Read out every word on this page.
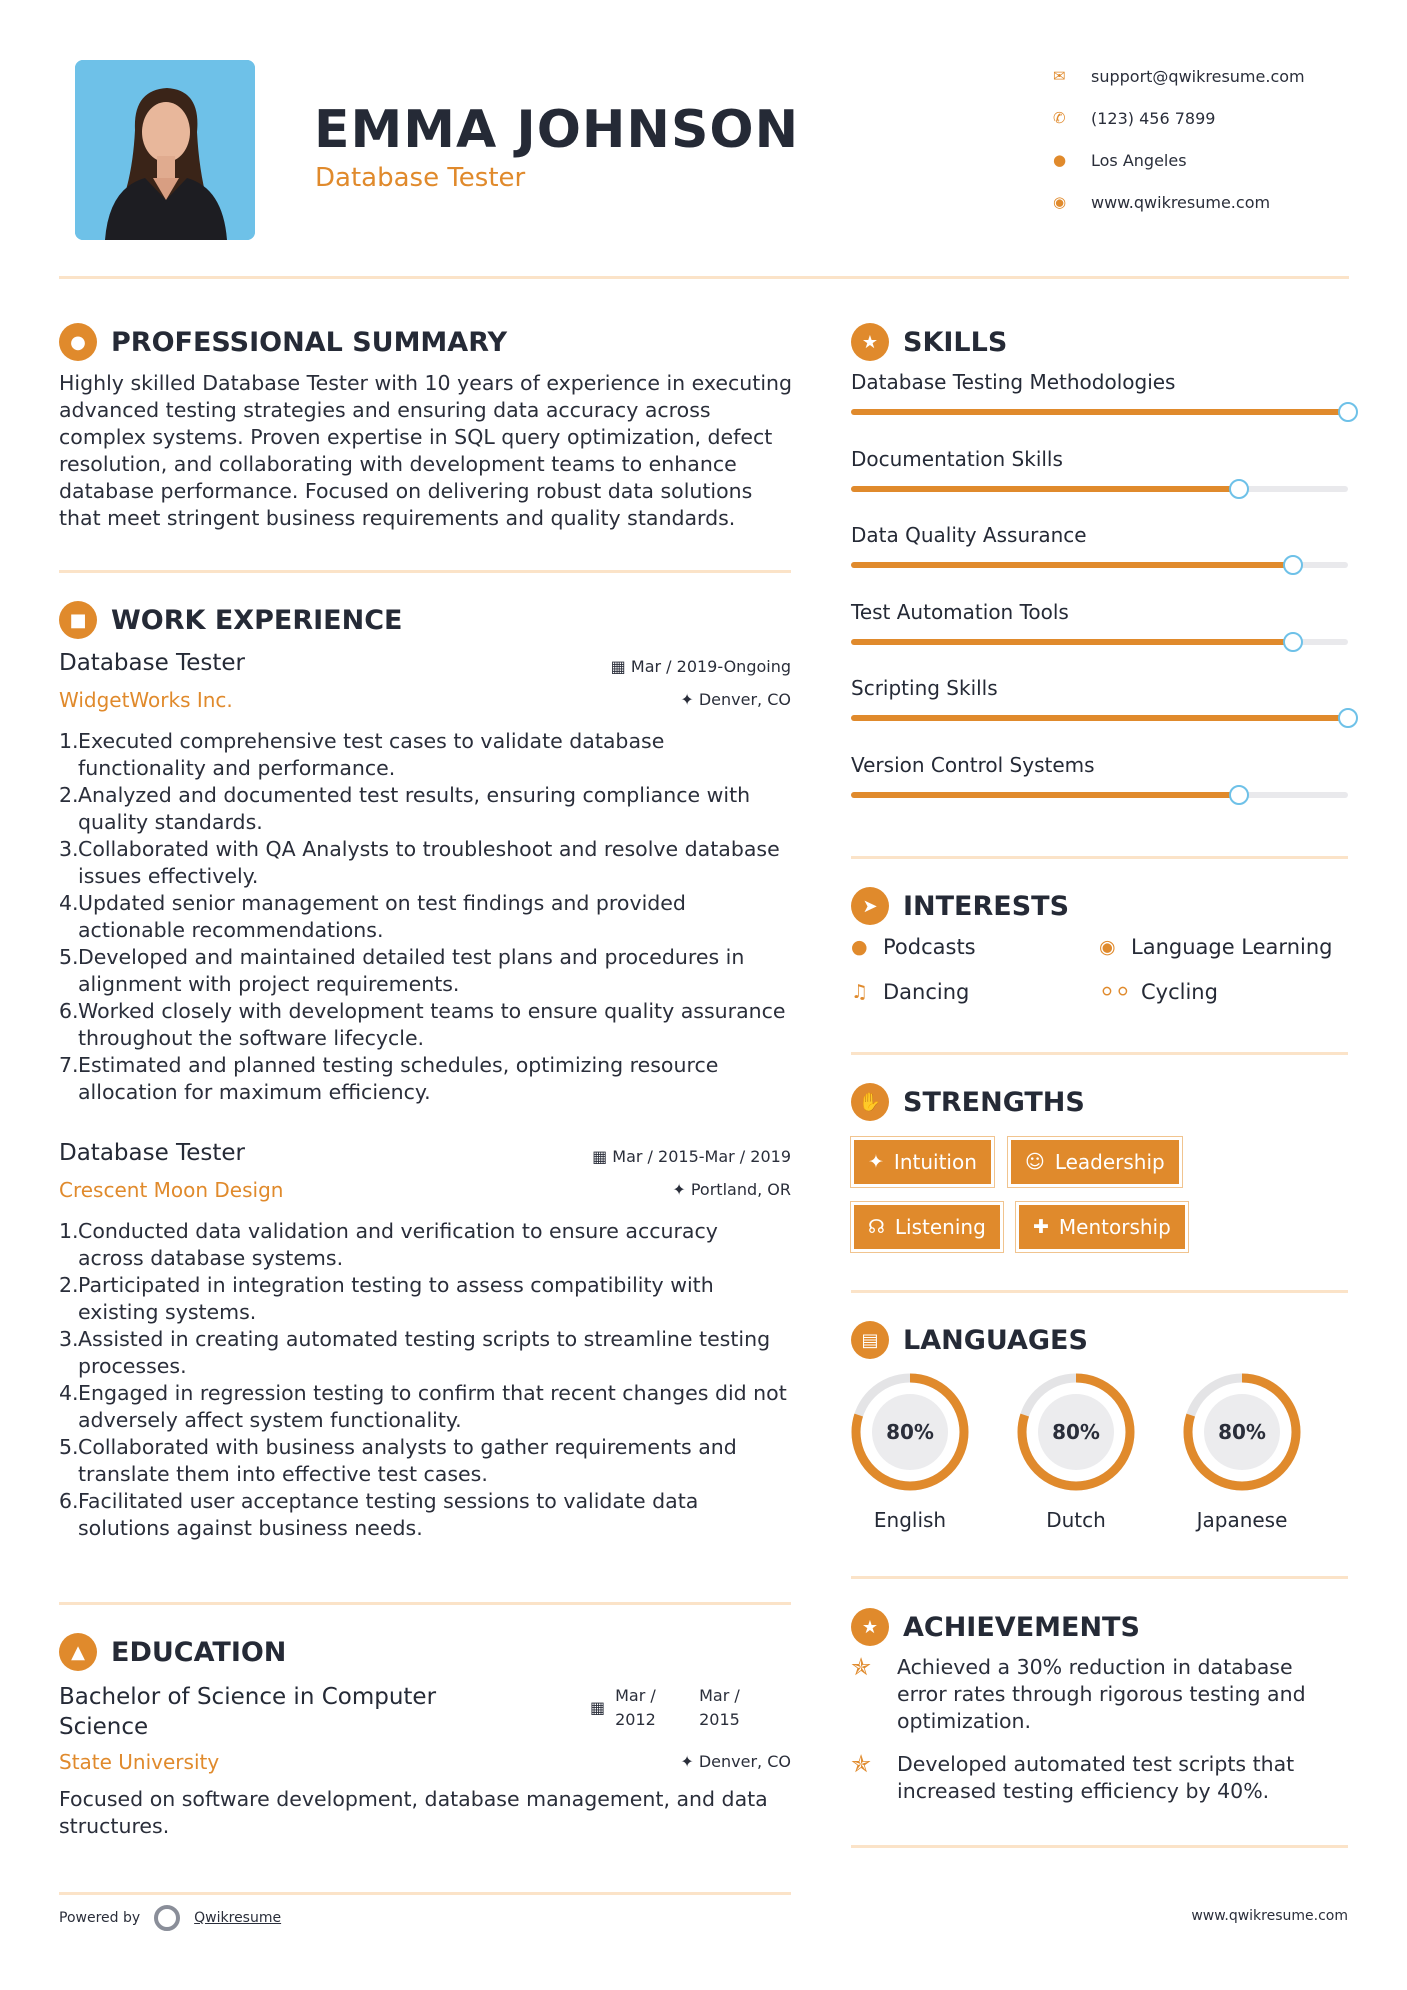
EMMA JOHNSON
Database Tester
✉	support@qwikresume.com
✆	(123) 456 7899
●	Los Angeles
◉	www.qwikresume.com
● PROFESSIONAL SUMMARY
Highly skilled Database Tester with 10 years of experience in executing advanced testing strategies and ensuring data accuracy across complex systems. Proven expertise in SQL query optimization, defect resolution, and collaborating with development teams to enhance database performance. Focused on delivering robust data solutions that meet stringent business requirements and quality standards.
■ WORK EXPERIENCE
Database Tester
WidgetWorks Inc.
▦ Mar / 2019-Ongoing
✦ Denver, CO
1. Executed comprehensive test cases to validate database functionality and performance.
2. Analyzed and documented test results, ensuring compliance with quality standards.
3. Collaborated with QA Analysts to troubleshoot and resolve database issues effectively.
4. Updated senior management on test findings and provided actionable recommendations.
5. Developed and maintained detailed test plans and procedures in alignment with project requirements.
6. Worked closely with development teams to ensure quality assurance throughout the software lifecycle.
7. Estimated and planned testing schedules, optimizing resource allocation for maximum efficiency.
Database Tester
Crescent Moon Design
▦ Mar / 2015-Mar / 2019
✦ Portland, OR
1. Conducted data validation and verification to ensure accuracy across database systems.
2. Participated in integration testing to assess compatibility with existing systems.
3. Assisted in creating automated testing scripts to streamline testing processes.
4. Engaged in regression testing to confirm that recent changes did not adversely affect system functionality.
5. Collaborated with business analysts to gather requirements and translate them into effective test cases.
6. Facilitated user acceptance testing sessions to validate data solutions against business needs.
▲ EDUCATION
Bachelor of Science in Computer
Science
State University
▦
Mar /
2012
Mar /
2015
✦ Denver, CO
Focused on software development, database management, and data structures.
★ SKILLS
Database Testing Methodologies
Documentation Skills
Data Quality Assurance
Test Automation Tools
Scripting Skills
Version Control Systems
➤ INTERESTS
● Podcasts	◉ Language Learning
♫ Dancing	⚪⚪ Cycling
✋ STRENGTHS
✦ Intuition	☺ Leadership
☊ Listening ✚ Mentorship
▤ LANGUAGES
80%
English
80%
Dutch
80%
Japanese
★ ACHIEVEMENTS
✯	Achieved a 30% reduction in database error rates through rigorous testing and optimization.
✯	Developed automated test scripts that increased testing efficiency by 40%.
Powered by	Qwikresume	www.qwikresume.com
